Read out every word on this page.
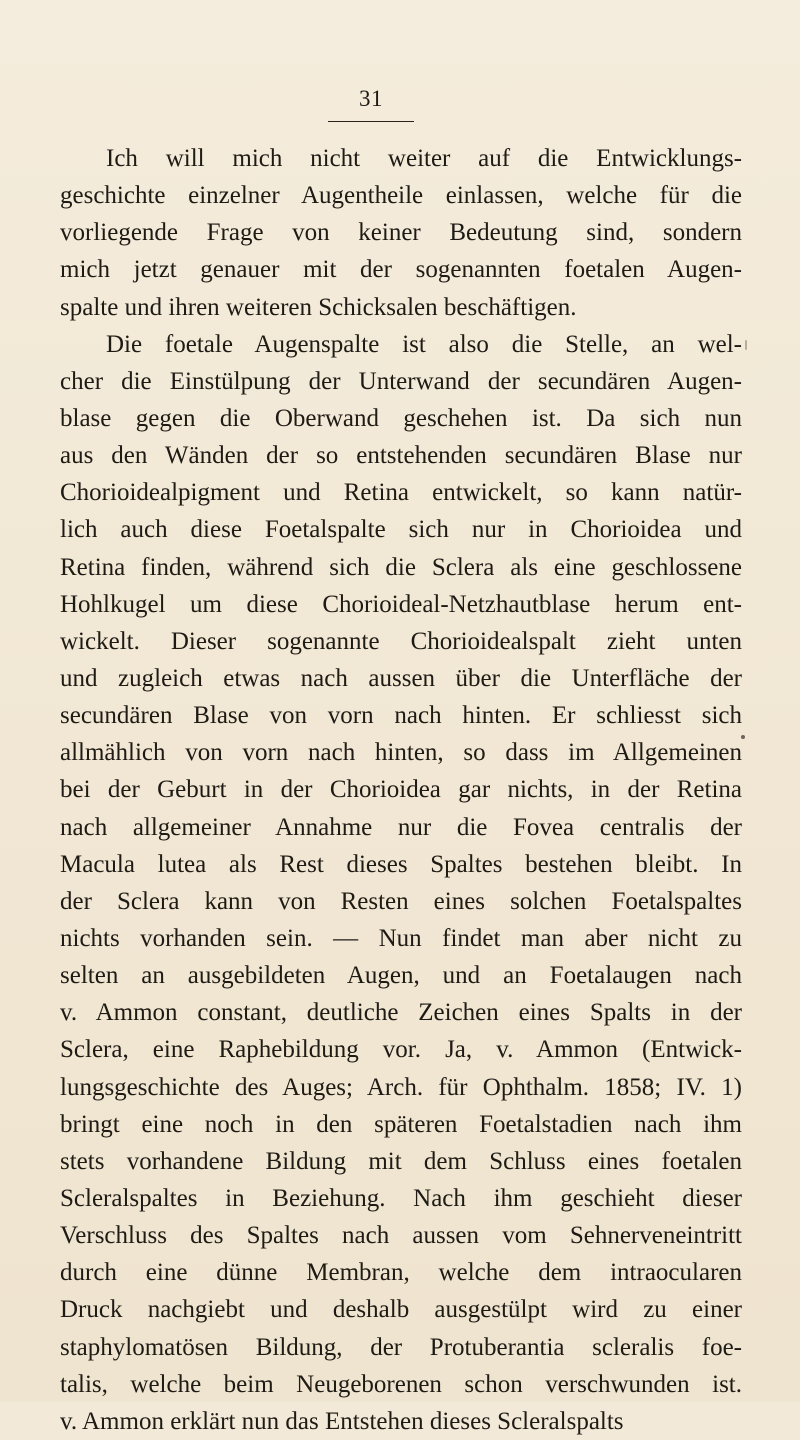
31
Ich will mich nicht weiter auf die Entwicklungs-
geschichte einzelner Augentheile einlassen, welche für die
vorliegende Frage von keiner Bedeutung sind, sondern
mich jetzt genauer mit der sogenannten foetalen Augen-
spalte und ihren weiteren Schicksalen beschäftigen.
Die foetale Augenspalte ist also die Stelle, an wel-
cher die Einstülpung der Unterwand der secundären Augen-
blase gegen die Oberwand geschehen ist. Da sich nun
aus den Wänden der so entstehenden secundären Blase nur
Chorioidealpigment und Retina entwickelt, so kann natür-
lich auch diese Foetalspalte sich nur in Chorioidea und
Retina finden, während sich die Sclera als eine geschlossene
Hohlkugel um diese Chorioideal-Netzhautblase herum ent-
wickelt. Dieser sogenannte Chorioidealspalt zieht unten
und zugleich etwas nach aussen über die Unterfläche der
secundären Blase von vorn nach hinten. Er schliesst sich
allmählich von vorn nach hinten, so dass im Allgemeinen
bei der Geburt in der Chorioidea gar nichts, in der Retina
nach allgemeiner Annahme nur die Fovea centralis der
Macula lutea als Rest dieses Spaltes bestehen bleibt. In
der Sclera kann von Resten eines solchen Foetalspaltes
nichts vorhanden sein. — Nun findet man aber nicht zu
selten an ausgebildeten Augen, und an Foetalaugen nach
v. Ammon constant, deutliche Zeichen eines Spalts in der
Sclera, eine Raphebildung vor. Ja, v. Ammon (Entwick-
lungsgeschichte des Auges; Arch. für Ophthalm. 1858; IV. 1)
bringt eine noch in den späteren Foetalstadien nach ihm
stets vorhandene Bildung mit dem Schluss eines foetalen
Scleralspaltes in Beziehung. Nach ihm geschieht dieser
Verschluss des Spaltes nach aussen vom Sehnerveneintritt
durch eine dünne Membran, welche dem intraocularen
Druck nachgiebt und deshalb ausgestülpt wird zu einer
staphylomatösen Bildung, der Protuberantia scleralis foe-
talis, welche beim Neugeborenen schon verschwunden ist.
v. Ammon erklärt nun das Entstehen dieses Scleralspalts
